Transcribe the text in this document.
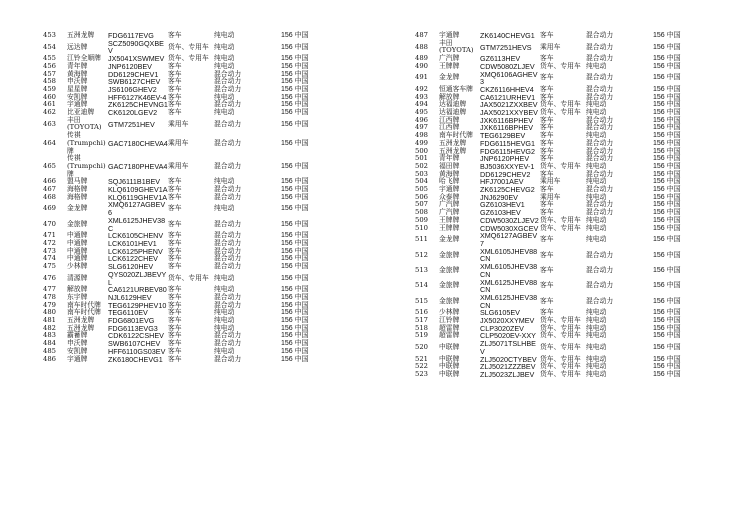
453	五洲龙牌	FDG6117EVG	客车	纯电动	156 中国
454	远达牌	SCZ5090GQXBEV	货车、专用车	纯电动	156 中国
455	江铃全顺牌	JX5041XSWMEV	货车、专用车	纯电动	156 中国
456	青年牌	JNP6120BEV	客车	纯电动	156 中国
457	黄海牌	DD6129CHEV1	客车	混合动力	156 中国
458	申沃牌	SWB6127CHEV	客车	混合动力	156 中国
459	星星牌	JS6106GHEV2	客车	混合动力	156 中国
460	安凯牌	HFF6127K46EV-4	客车	纯电动	156 中国
461	宇通牌	ZK6125CHEVNG1	客车	混合动力	156 中国
462	比亚迪牌	CK6120LGEV2	客车	纯电动	156 中国
463	丰田 (TOYOTA)	GTM7251HEV	乘用车	混合动力	156 中国
464	传祺 (Trumpchi)牌	GAC7180CHEVA4	乘用车	混合动力	156 中国
465	传祺 (Trumpchi)牌	GAC7180PHEVA4	乘用车	混合动力	156 中国
466	盟马牌	SQJ6111B1BEV	客车	纯电动	156 中国
467	海格牌	KLQ6109GHEV1A	客车	混合动力	156 中国
468	海格牌	KLQ6119GHEV1A	客车	混合动力	156 中国
469	金龙牌	XMQ6127AGBEV6	客车	纯电动	156 中国
470	金旅牌	XML6125JHEV38C	客车	混合动力	156 中国
471	中通牌	LCK6105CHENV	客车	混合动力	156 中国
472	中通牌	LCK6101HEV1	客车	混合动力	156 中国
473	中通牌	LCK6125PHENV	客车	混合动力	156 中国
474	中通牌	LCK6122CHEV	客车	混合动力	156 中国
475	少林牌	SLG6120HEV	客车	混合动力	156 中国
476	清源牌	QYS020ZLJBEVYL	货车、专用车	纯电动	156 中国
477	解放牌	CA6121URBEV80	客车	纯电动	156 中国
478	东宇牌	NJL6129HEV	客车	混合动力	156 中国
479	南车时代牌	TEG6129PHEV10	客车	混合动力	156 中国
480	南车时代牌	TEG6110EV	客车	纯电动	156 中国
481	五洲龙牌	FDG6801EVG	客车	纯电动	156 中国
482	五洲龙牌	FDG6113EVG3	客车	纯电动	156 中国
483	霸蓄牌	CDK6122CSHEV	客车	混合动力	156 中国
484	申沃牌	SWB6107CHEV	客车	混合动力	156 中国
485	安凯牌	HFF6110GS03EV	客车	纯电动	156 中国
486	宇通牌	ZK6180CHEVG1	客车	混合动力	156 中国
487	宇通牌	ZK6140CHEVG1	客车	混合动力	156 中国
488	丰田 (TOYOTA)	GTM7251HEVS	乘用车	混合动力	156 中国
489	广汽牌	GZ6113HEV	客车	混合动力	156 中国
490	王牌牌	CDW5080ZLJEV	货车、专用车	纯电动	156 中国
491	金龙牌	XMQ6106AGHEV3	客车	混合动力	156 中国
492	恒通客车牌	CKZ6116HHEV4	客车	混合动力	156 中国
493	解放牌	CA6121URHEV1	客车	混合动力	156 中国
494	达福迪牌	JAX5021ZXXBEV	货车、专用车	纯电动	156 中国
495	达福迪牌	JAX5021XXYBEV	货车、专用车	纯电动	156 中国
496	江西牌	JXK6116BPHEV	客车	混合动力	156 中国
497	江西牌	JXK6116BPHEV	客车	混合动力	156 中国
498	南车时代牌	TEG6129BEV	客车	纯电动	156 中国
499	五洲龙牌	FDG6115HEVG1	客车	混合动力	156 中国
500	五洲龙牌	FDG6115HEVG2	客车	混合动力	156 中国
501	青年牌	JNP6120PHEV	客车	混合动力	156 中国
502	福田牌	BJ5036XXYEV-1	货车、专用车	纯电动	156 中国
503	黄海牌	DD6129CHEV2	客车	混合动力	156 中国
504	哈飞牌	HFJ7001AEV	乘用车	纯电动	156 中国
505	宇通牌	ZK6125CHEVG2	客车	混合动力	156 中国
506	众泰牌	JNJ6290EV	乘用车	纯电动	156 中国
507	广汽牌	GZ6103HEV1	客车	混合动力	156 中国
508	广汽牌	GZ6103HEV	客车	混合动力	156 中国
509	王牌牌	CDW5030ZLJEV2	货车、专用车	纯电动	156 中国
510	王牌牌	CDW5030XGCEV	货车、专用车	纯电动	156 中国
511	金龙牌	XMQ6127AGBEV7	客车	纯电动	156 中国
512	金旅牌	XML6105JHEV88CN	客车	混合动力	156 中国
513	金旅牌	XML6105JHEV38CN	客车	混合动力	156 中国
514	金旅牌	XML6125JHEV88CN	客车	混合动力	156 中国
515	金旅牌	XML6125JHEV38CN	客车	混合动力	156 中国
516	少林牌	SLG6105EV	客车	纯电动	156 中国
517	江铃牌	JX5020XXYMEV	货车、专用车	纯电动	156 中国
518	超雷牌	CLP3020ZEV	货车、专用车	纯电动	156 中国
519	超雷牌	CLP5020EV-XXY	货车、专用车	纯电动	156 中国
520	中联牌	ZLJ5071TSLHBEV	货车、专用车	纯电动	156 中国
521	中联牌	ZLJ5020CTYBEV	货车、专用车	纯电动	156 中国
522	中联牌	ZLJ5021ZZZBEV	货车、专用车	纯电动	156 中国
523	中联牌	ZLJ5023ZLJBEV	货车、专用车	纯电动	156 中国
